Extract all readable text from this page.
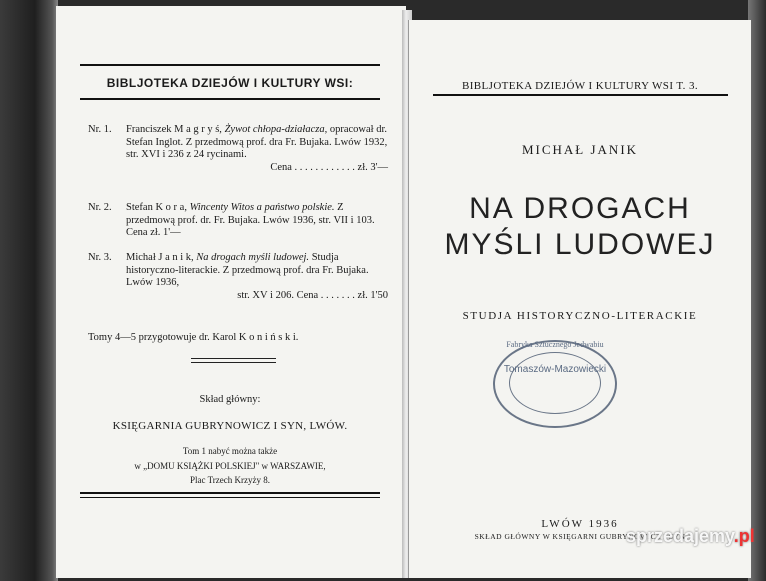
BIBLJOTEKA DZIEJÓW I KULTURY WSI:
Nr. 1. Franciszek M a g r y ś, Żywot chłopa-działacza, opracował dr. Stefan Inglot. Z przedmową prof. dra Fr. Bujaka. Lwów 1932, str. XVI i 236 z 24 rycinami.
Cena . . . . . . . . . . . . zł. 3'—
Nr. 2. Stefan K o r a, Wincenty Witos a państwo polskie. Z przedmową prof. dr. Fr. Bujaka. Lwów 1936, str. VII i 103. Cena zł. 1'—
Nr. 3. Michał J a n i k, Na drogach myśli ludowej. Studja historyczno-literackie. Z przedmową prof. dra Fr. Bujaka. Lwów 1936,
str. XV i 206. Cena . . . . . . . zł. 1'50
Tomy 4—5 przygotowuje dr. Karol K o n i ń s k i.
Skład główny:
KSIĘGARNIA GUBRYNOWICZ I SYN, LWÓW.
Tom 1 nabyć można także
w „DOMU KSIĄŻKI POLSKIEJ" w WARSZAWIE,
Plac Trzech Krzyży 8.
BIBLJOTEKA DZIEJÓW I KULTURY WSI T. 3.
MICHAŁ JANIK
NA DROGACH
MYŚLI LUDOWEJ
STUDJA HISTORYCZNO-LITERACKIE
Fabryka Sztucznego Jedwabiu
Tomaszów-Mazowiecki
LWÓW 1936
SKŁAD GŁÓWNY W KSIĘGARNI GUBRYNOWICZ I SYN
sprzedajemy.pl
